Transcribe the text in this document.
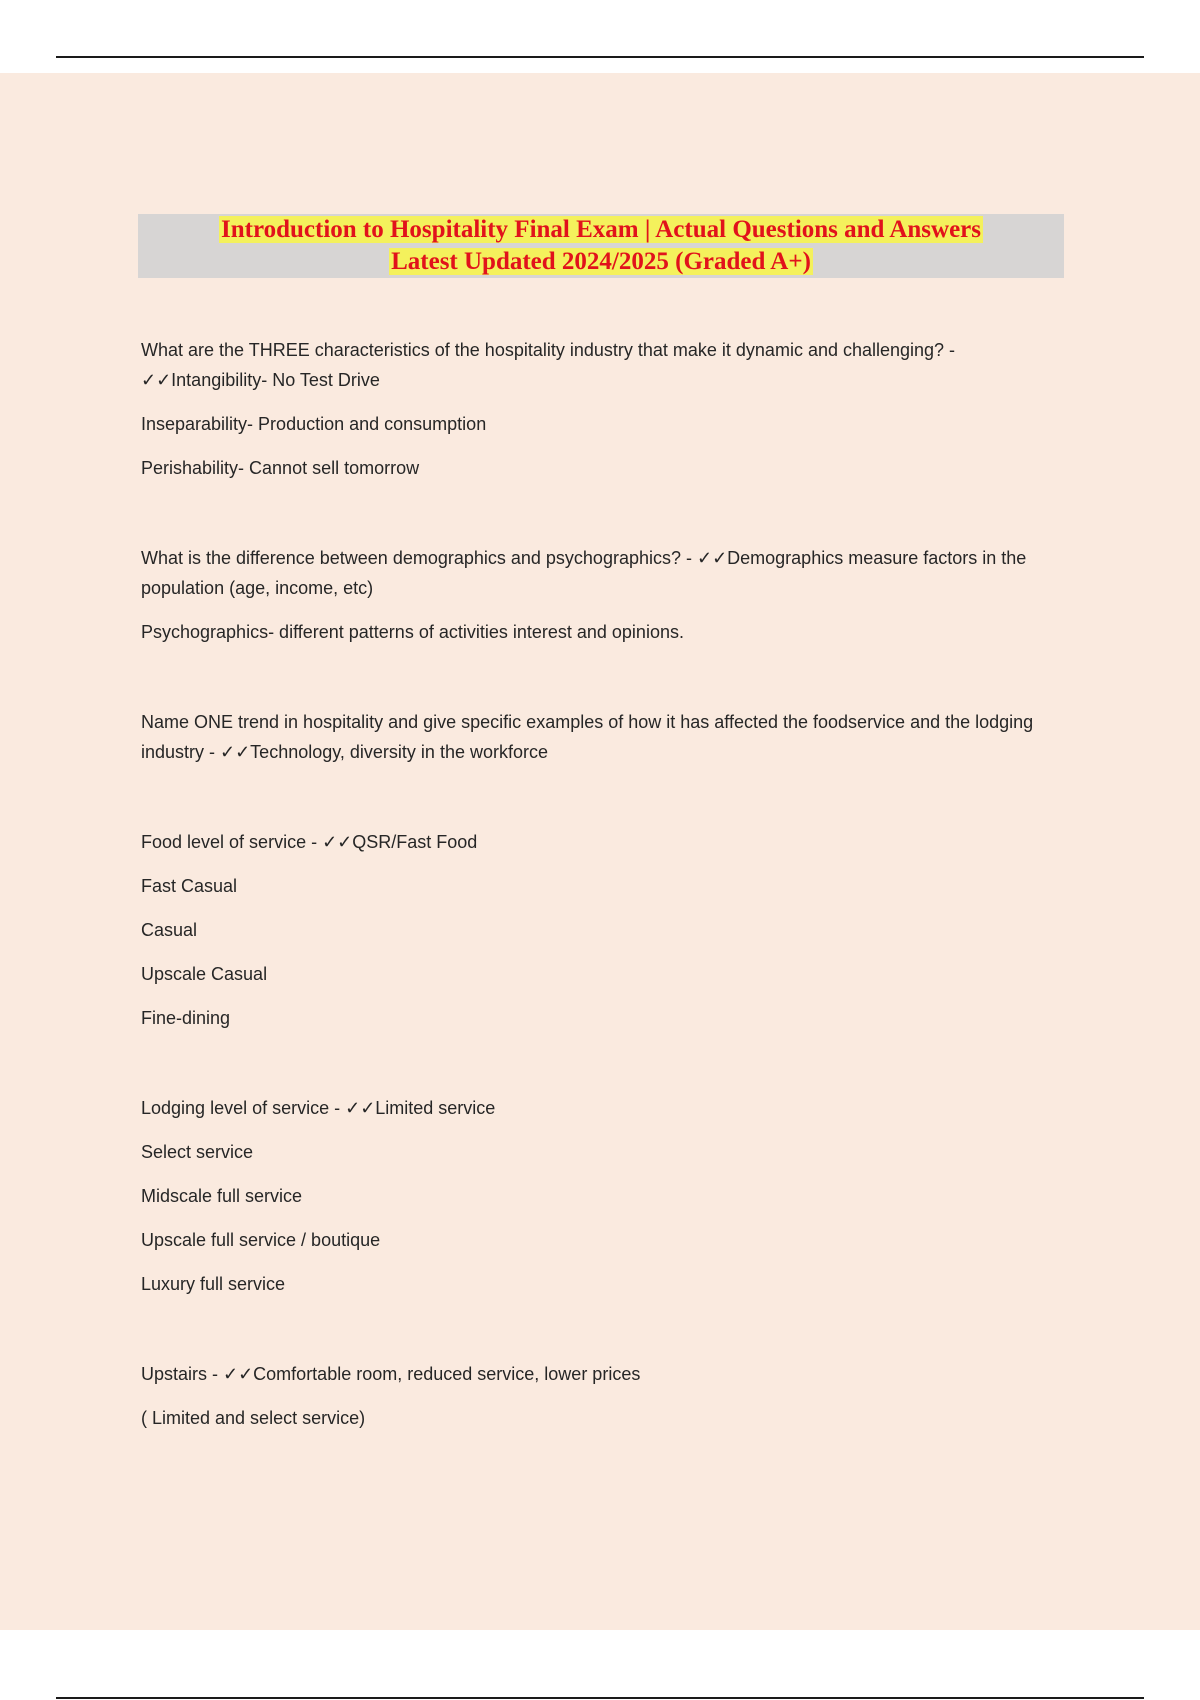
Introduction to Hospitality Final Exam | Actual Questions and Answers
Latest Updated 2024/2025 (Graded A+)

What are the THREE characteristics of the hospitality industry that make it dynamic and challenging? - ✓✓Intangibility- No Test Drive

Inseparability- Production and consumption

Perishability- Cannot sell tomorrow

What is the difference between demographics and psychographics? - ✓✓Demographics measure factors in the population (age, income, etc)

Psychographics- different patterns of activities interest and opinions.

Name ONE trend in hospitality and give specific examples of how it has affected the foodservice and the lodging industry - ✓✓Technology, diversity in the workforce

Food level of service - ✓✓QSR/Fast Food

Fast Casual

Casual

Upscale Casual

Fine-dining

Lodging level of service - ✓✓Limited service

Select service

Midscale full service

Upscale full service / boutique

Luxury full service

Upstairs - ✓✓Comfortable room, reduced service, lower prices

( Limited and select service)
